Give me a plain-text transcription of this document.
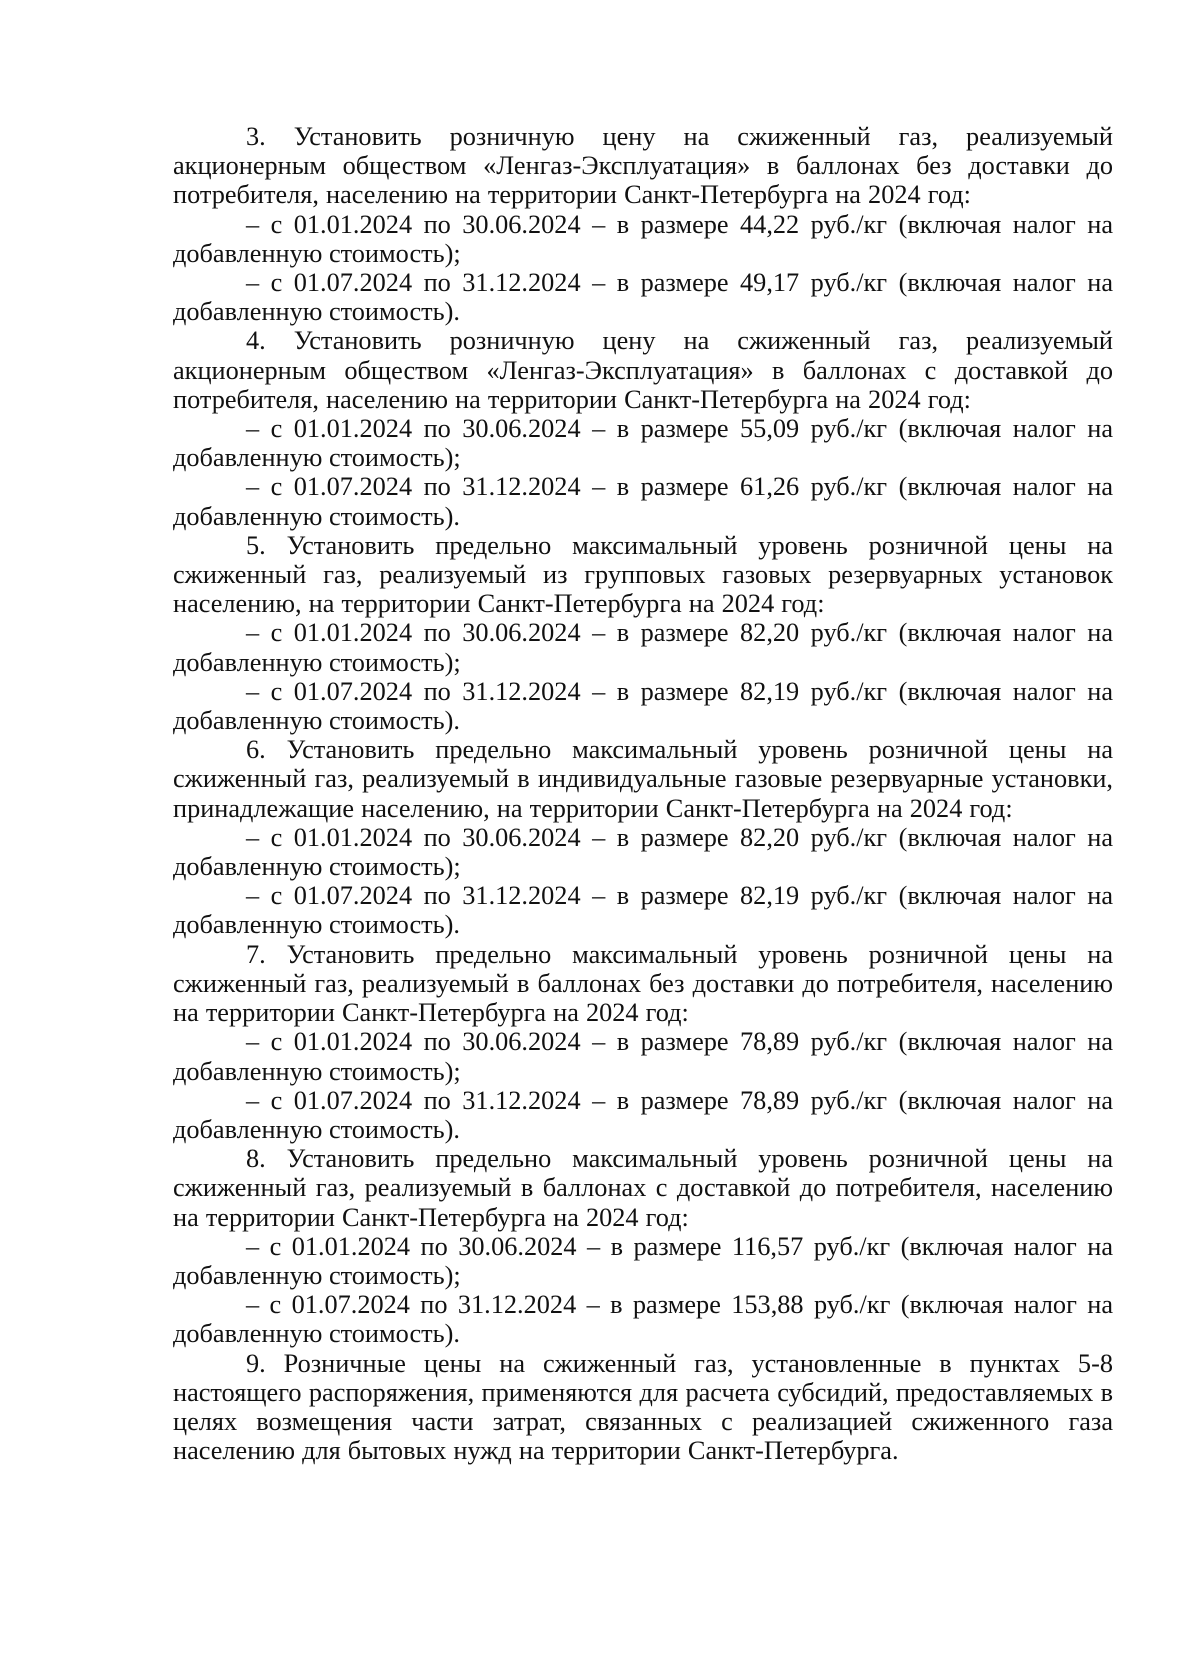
3. Установить розничную цену на сжиженный газ, реализуемый акционерным обществом «Ленгаз-Эксплуатация» в баллонах без доставки до потребителя, населению на территории Санкт-Петербурга на 2024 год:

– с 01.01.2024 по 30.06.2024 – в размере 44,22 руб./кг (включая налог на добавленную стоимость);

– с 01.07.2024 по 31.12.2024 – в размере 49,17 руб./кг (включая налог на добавленную стоимость).

4. Установить розничную цену на сжиженный газ, реализуемый акционерным обществом «Ленгаз-Эксплуатация» в баллонах с доставкой до потребителя, населению на территории Санкт-Петербурга на 2024 год:

– с 01.01.2024 по 30.06.2024 – в размере 55,09 руб./кг (включая налог на добавленную стоимость);

– с 01.07.2024 по 31.12.2024 – в размере 61,26 руб./кг (включая налог на добавленную стоимость).

5. Установить предельно максимальный уровень розничной цены на сжиженный газ, реализуемый из групповых газовых резервуарных установок населению, на территории Санкт-Петербурга на 2024 год:

– с 01.01.2024 по 30.06.2024 – в размере 82,20 руб./кг (включая налог на добавленную стоимость);

– с 01.07.2024 по 31.12.2024 – в размере 82,19 руб./кг (включая налог на добавленную стоимость).

6. Установить предельно максимальный уровень розничной цены на сжиженный газ, реализуемый в индивидуальные газовые резервуарные установки, принадлежащие населению, на территории Санкт-Петербурга на 2024 год:

– с 01.01.2024 по 30.06.2024 – в размере 82,20 руб./кг (включая налог на добавленную стоимость);

– с 01.07.2024 по 31.12.2024 – в размере 82,19 руб./кг (включая налог на добавленную стоимость).

7. Установить предельно максимальный уровень розничной цены на сжиженный газ, реализуемый в баллонах без доставки до потребителя, населению на территории Санкт-Петербурга на 2024 год:

– с 01.01.2024 по 30.06.2024 – в размере 78,89 руб./кг (включая налог на добавленную стоимость);

– с 01.07.2024 по 31.12.2024 – в размере 78,89 руб./кг (включая налог на добавленную стоимость).

8. Установить предельно максимальный уровень розничной цены на сжиженный газ, реализуемый в баллонах с доставкой до потребителя, населению на территории Санкт-Петербурга на 2024 год:

– с 01.01.2024 по 30.06.2024 – в размере 116,57 руб./кг (включая налог на добавленную стоимость);

– с 01.07.2024 по 31.12.2024 – в размере 153,88 руб./кг (включая налог на добавленную стоимость).

9. Розничные цены на сжиженный газ, установленные в пунктах 5-8 настоящего распоряжения, применяются для расчета субсидий, предоставляемых в целях возмещения части затрат, связанных с реализацией сжиженного газа населению для бытовых нужд на территории Санкт-Петербурга.
